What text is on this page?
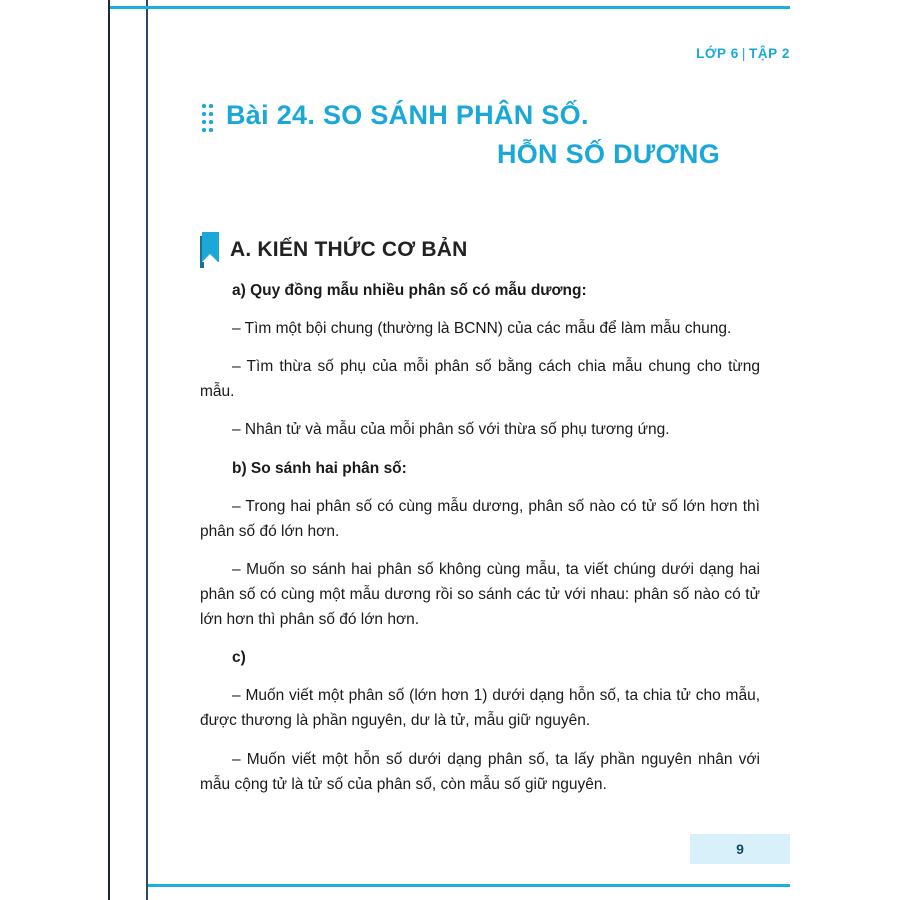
LỚP 6 | TẬP 2
Bài 24. SO SÁNH PHÂN SỐ.
HỖN SỐ DƯƠNG
A. KIẾN THỨC CƠ BẢN

a) Quy đồng mẫu nhiều phân số có mẫu dương:

– Tìm một bội chung (thường là BCNN) của các mẫu để làm mẫu chung.

– Tìm thừa số phụ của mỗi phân số bằng cách chia mẫu chung cho từng mẫu.

– Nhân tử và mẫu của mỗi phân số với thừa số phụ tương ứng.

b) So sánh hai phân số:

– Trong hai phân số có cùng mẫu dương, phân số nào có tử số lớn hơn thì phân số đó lớn hơn.

– Muốn so sánh hai phân số không cùng mẫu, ta viết chúng dưới dạng hai phân số có cùng một mẫu dương rồi so sánh các tử với nhau: phân số nào có tử lớn hơn thì phân số đó lớn hơn.

c)

– Muốn viết một phân số (lớn hơn 1) dưới dạng hỗn số, ta chia tử cho mẫu, được thương là phần nguyên, dư là tử, mẫu giữ nguyên.

– Muốn viết một hỗn số dưới dạng phân số, ta lấy phần nguyên nhân với mẫu cộng tử là tử số của phân số, còn mẫu số giữ nguyên.

9
